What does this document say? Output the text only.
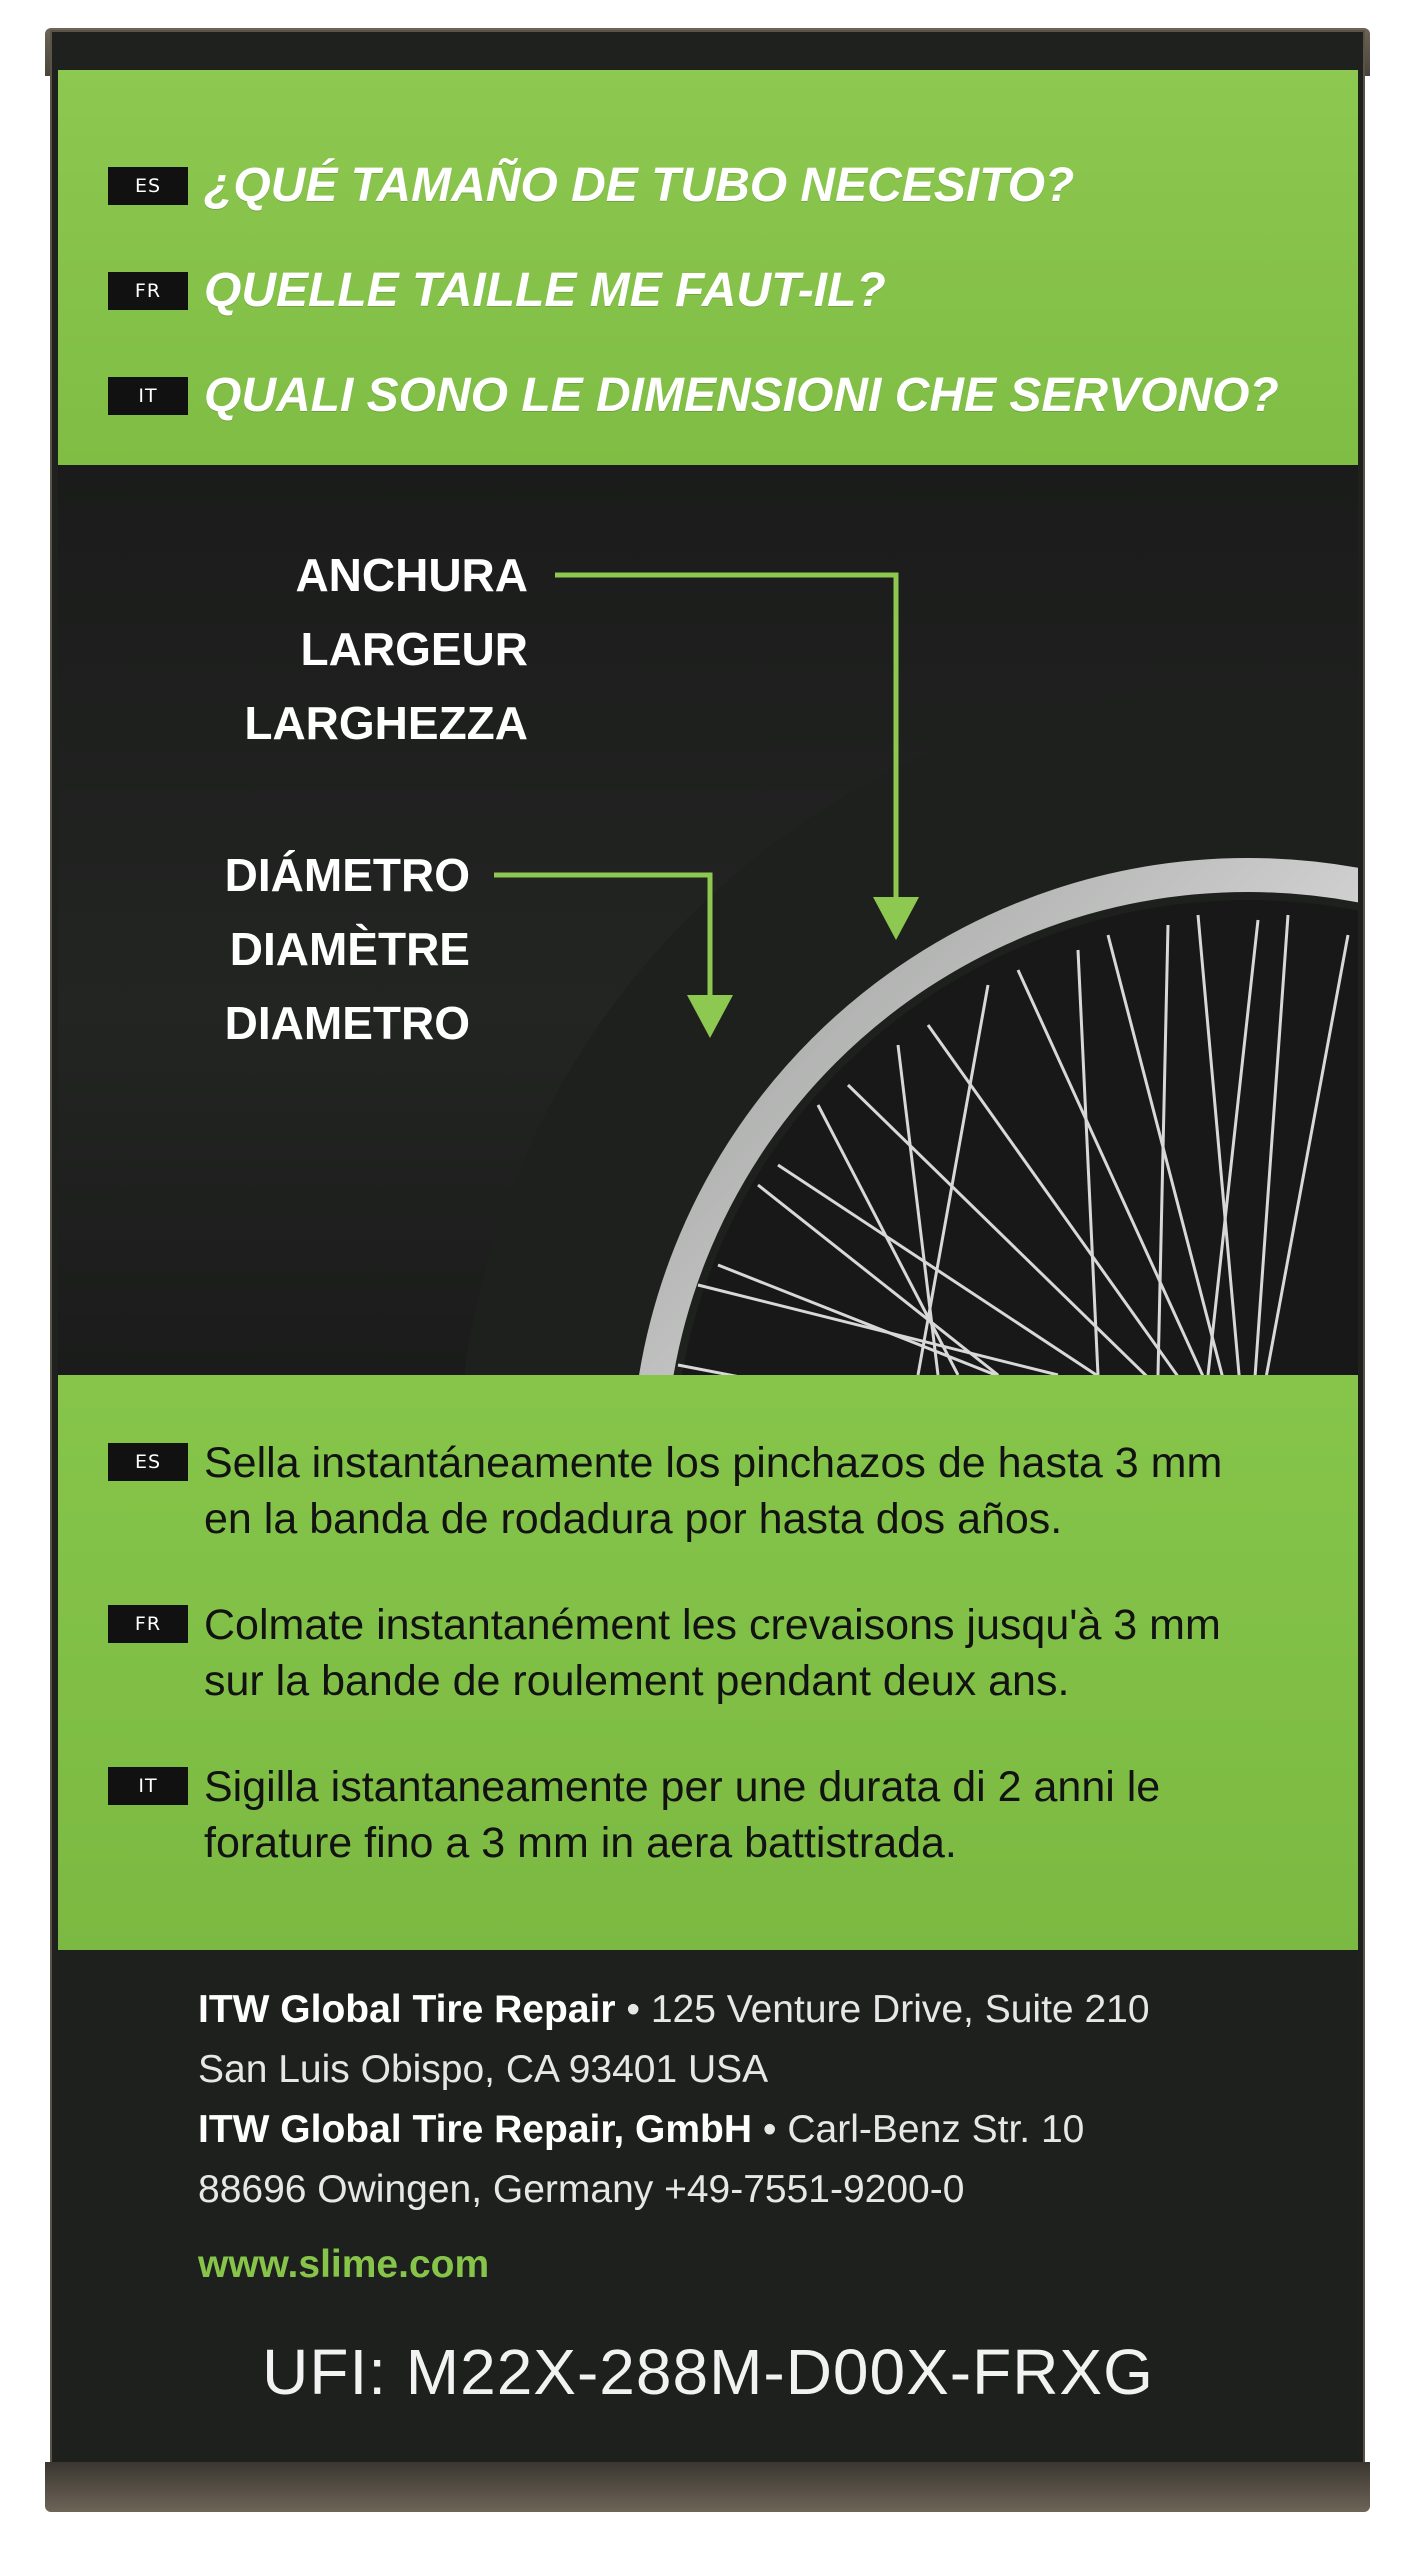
ES ¿QUÉ TAMAÑO DE TUBO NECESITO?
FR QUELLE TAILLE ME FAUT-IL?
IT QUALI SONO LE DIMENSIONI CHE SERVONO?
ANCHURA
LARGEUR
LARGHEZZA
DIÁMETRO
DIAMÈTRE
DIAMETRO
ES Sella instantáneamente los pinchazos de hasta 3 mm
en la banda de rodadura por hasta dos años.
FR Colmate instantanément les crevaisons jusqu'à 3 mm
sur la bande de roulement pendant deux ans.
IT	Sigilla istantaneamente per une durata di 2 anni le
forature fino a 3 mm in aera battistrada.
ITW Global Tire Repair • 125 Venture Drive, Suite 210
San Luis Obispo, CA 93401 USA
ITW Global Tire Repair, GmbH • Carl-Benz Str. 10
88696 Owingen, Germany +49-7551-9200-0
www.slime.com
UFI: M22X-288M-D00X-FRXG
